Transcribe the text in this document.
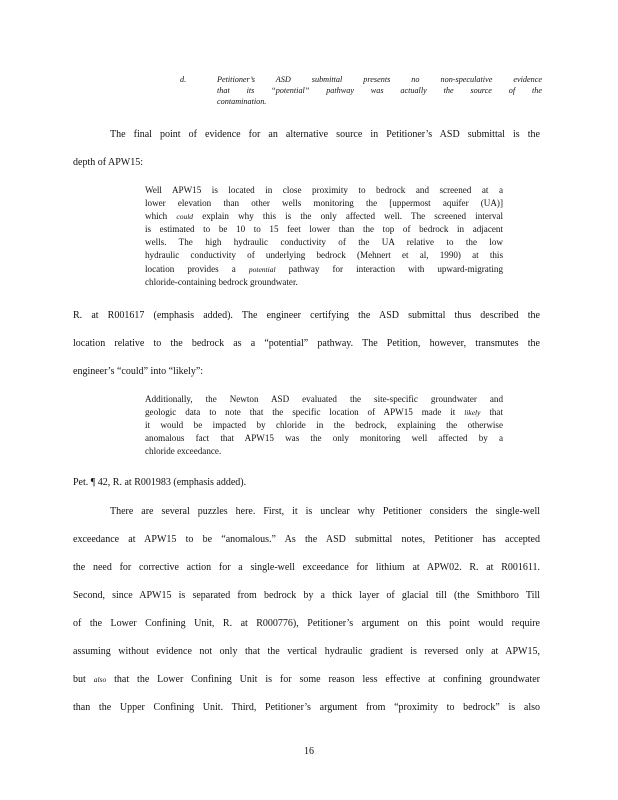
d.	Petitioner’s ASD submittal presents no non-speculative evidence
that its “potential” pathway was actually the source of the
contamination.
The final point of evidence for an alternative source in Petitioner’s ASD submittal is the
depth of APW15:
Well APW15 is located in close proximity to bedrock and screened at a
lower elevation than other wells monitoring the [uppermost aquifer (UA)]
which could explain why this is the only affected well. The screened interval
is estimated to be 10 to 15 feet lower than the top of bedrock in adjacent
wells. The high hydraulic conductivity of the UA relative to the low
hydraulic conductivity of underlying bedrock (Mehnert et al, 1990) at this
location provides a potential pathway for interaction with upward-migrating
chloride-containing bedrock groundwater.
R. at R001617 (emphasis added). The engineer certifying the ASD submittal thus described the
location relative to the bedrock as a “potential” pathway. The Petition, however, transmutes the
engineer’s “could” into “likely”:
Additionally, the Newton ASD evaluated the site-specific groundwater and
geologic data to note that the specific location of APW15 made it likely that
it would be impacted by chloride in the bedrock, explaining the otherwise
anomalous fact that APW15 was the only monitoring well affected by a
chloride exceedance.
Pet. ¶ 42, R. at R001983 (emphasis added).
There are several puzzles here. First, it is unclear why Petitioner considers the single-well
exceedance at APW15 to be “anomalous.” As the ASD submittal notes, Petitioner has accepted
the need for corrective action for a single-well exceedance for lithium at APW02. R. at R001611.
Second, since APW15 is separated from bedrock by a thick layer of glacial till (the Smithboro Till
of the Lower Confining Unit, R. at R000776), Petitioner’s argument on this point would require
assuming without evidence not only that the vertical hydraulic gradient is reversed only at APW15,
but also that the Lower Confining Unit is for some reason less effective at confining groundwater
than the Upper Confining Unit. Third, Petitioner’s argument from “proximity to bedrock” is also
16
